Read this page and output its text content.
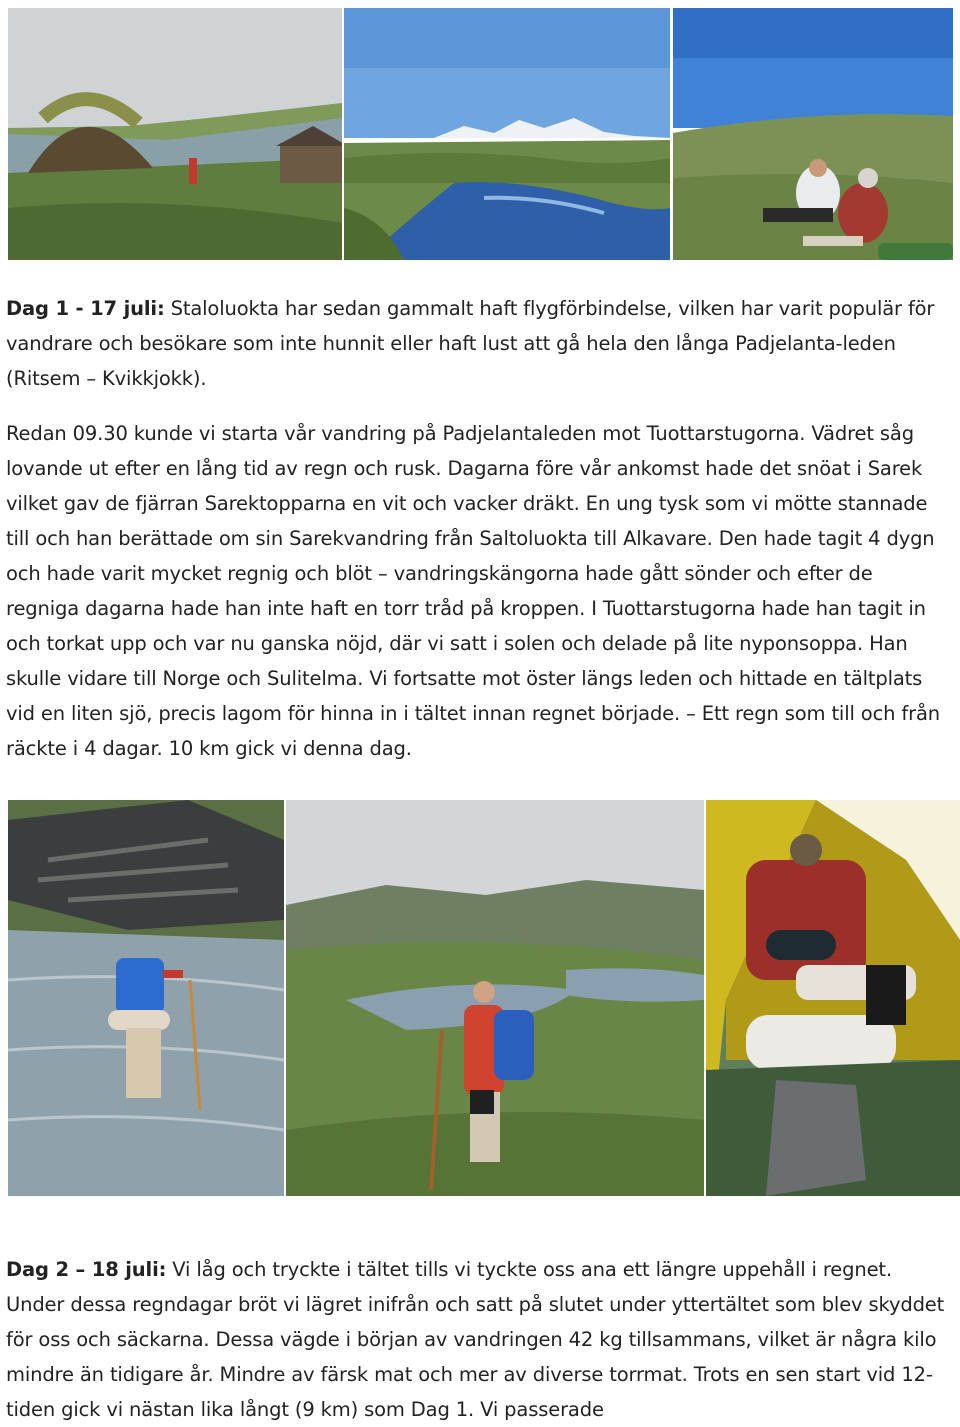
Dag 1 - 17 juli: Staloluokta har sedan gammalt haft flygförbindelse, vilken har varit populär för vandrare och besökare som inte hunnit eller haft lust att gå hela den långa Padjelanta-leden (Ritsem – Kvikkjokk).

Redan 09.30 kunde vi starta vår vandring på Padjelantaleden mot Tuottarstugorna. Vädret såg lovande ut efter en lång tid av regn och rusk. Dagarna före vår ankomst hade det snöat i Sarek vilket gav de fjärran Sarektopparna en vit och vacker dräkt. En ung tysk som vi mötte stannade till och han berättade om sin Sarekvandring från Saltoluokta till Alkavare. Den hade tagit 4 dygn och hade varit mycket regnig och blöt – vandringskängorna hade gått sönder och efter de regniga dagarna hade han inte haft en torr tråd på kroppen. I Tuottarstugorna hade han tagit in och torkat upp och var nu ganska nöjd, där vi satt i solen och delade på lite nyponsoppa. Han skulle vidare till Norge och Sulitelma. Vi fortsatte mot öster längs leden och hittade en tältplats vid en liten sjö, precis lagom för hinna in i tältet innan regnet började. – Ett regn som till och från räckte i 4 dagar. 10 km gick vi denna dag.

Dag 2 – 18 juli: Vi låg och tryckte i tältet tills vi tyckte oss ana ett längre uppehåll i regnet. Under dessa regndagar bröt vi lägret inifrån och satt på slutet under yttertältet som blev skyddet för oss och säckarna. Dessa vägde i början av vandringen 42 kg tillsammans, vilket är några kilo mindre än tidigare år. Mindre av färsk mat och mer av diverse torrmat. Trots en sen start vid 12-tiden gick vi nästan lika långt (9 km) som Dag 1. Vi passerade
